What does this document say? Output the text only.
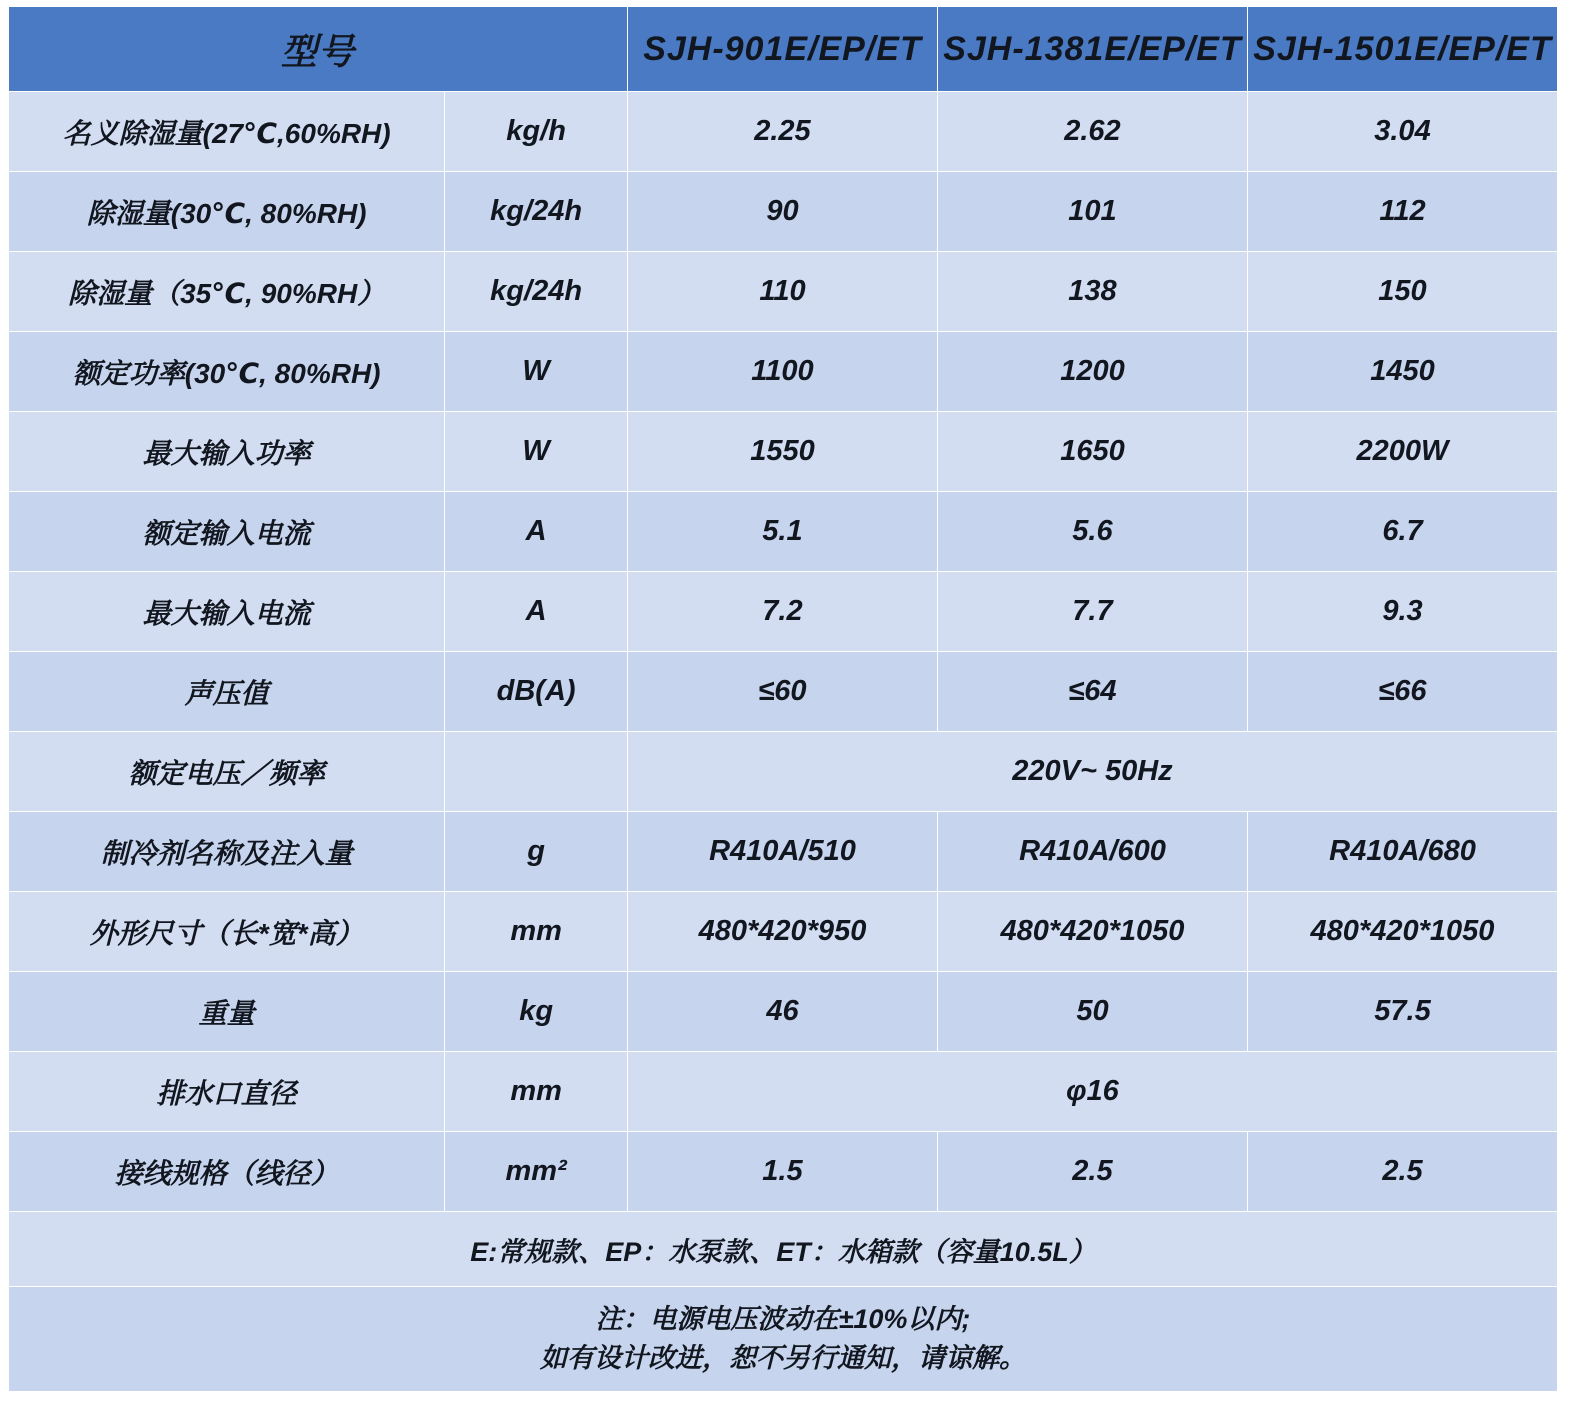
型号		SJH-901E/EP/ET	SJH-1381E/EP/ET	SJH-1501E/EP/ET
名义除湿量(27℃,60%RH)	kg/h	2.25	2.62	3.04
除湿量(30℃, 80%RH)	kg/24h	90	101	112
除湿量（35℃, 90%RH）	kg/24h	110	138	150
额定功率(30℃, 80%RH)	W	1100	1200	1450
最大输入功率	W	1550	1650	2200W
额定输入电流	A	5.1	5.6	6.7
最大输入电流	A	7.2	7.7	9.3
声压值	dB(A)	≤60	≤64	≤66
额定电压／频率		220V~ 50Hz		
制冷剂名称及注入量	g	R410A/510	R410A/600	R410A/680
外形尺寸（长*宽*高）	mm	480*420*950	480*420*1050	480*420*1050
重量	kg	46	50	57.5
排水口直径	mm	φ16		
接线规格（线径）	mm²	1.5	2.5	2.5
E:常规款、EP：水泵款、ET：水箱款（容量10.5L）				
注：电源电压波动在±10%以内;
如有设计改进，恕不另行通知，请谅解。				
